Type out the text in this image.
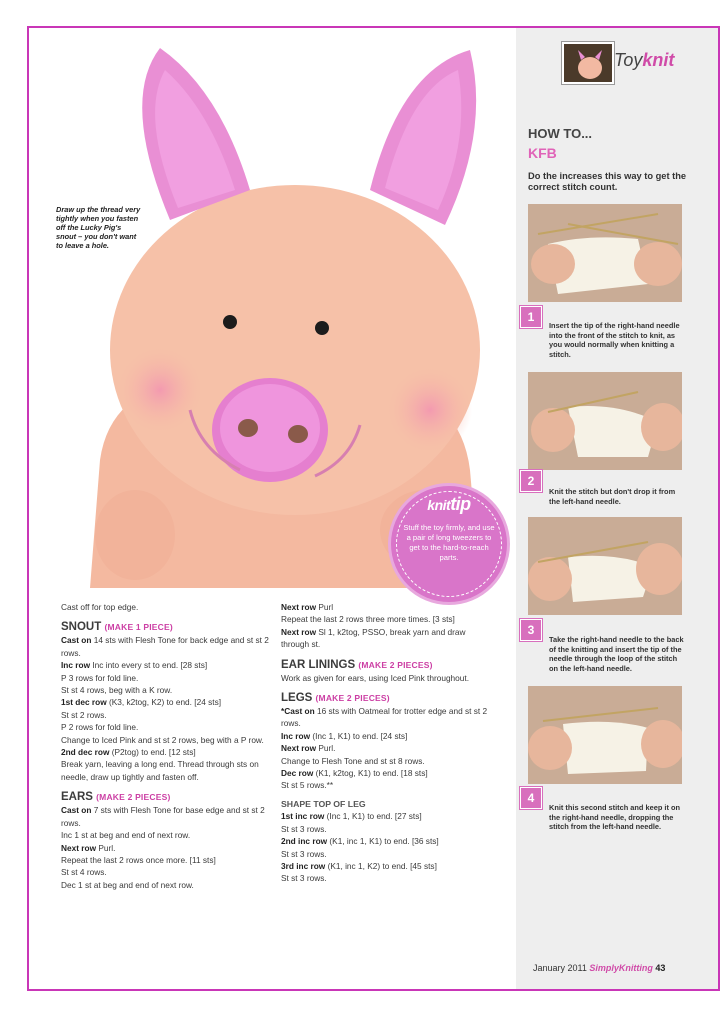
Draw up the thread very tightly when you fasten off the Lucky Pig's snout – you don't want to leave a hole.
knittip
Stuff the toy firmly, and use a pair of long tweezers to get to the hard-to-reach parts.

Cast off for top edge.

SNOUT (MAKE 1 PIECE)

Cast on 14 sts with Flesh Tone for back edge and st st 2 rows.

Inc row Inc into every st to end. [28 sts]

P 3 rows for fold line.

St st 4 rows, beg with a K row.

1st dec row (K3, k2tog, K2) to end. [24 sts]

St st 2 rows.

P 2 rows for fold line.

Change to Iced Pink and st st 2 rows, beg with a P row.

2nd dec row (P2tog) to end. [12 sts]

Break yarn, leaving a long end. Thread through sts on needle, draw up tightly and fasten off.

EARS (MAKE 2 PIECES)

Cast on 7 sts with Flesh Tone for base edge and st st 2 rows.

Inc 1 st at beg and end of next row.

Next row Purl.

Repeat the last 2 rows once more. [11 sts]

St st 4 rows.

Dec 1 st at beg and end of next row.

Next row Purl

Repeat the last 2 rows three more times. [3 sts]

Next row Sl 1, k2tog, PSSO, break yarn and draw through st.

EAR LININGS (MAKE 2 PIECES)

Work as given for ears, using Iced Pink throughout.

LEGS (MAKE 2 PIECES)

*Cast on 16 sts with Oatmeal for trotter edge and st st 2 rows.

Inc row (Inc 1, K1) to end. [24 sts]

Next row Purl.

Change to Flesh Tone and st st 8 rows.

Dec row (K1, k2tog, K1) to end. [18 sts]

St st 5 rows.**

SHAPE TOP OF LEG

1st inc row (Inc 1, K1) to end. [27 sts]

St st 3 rows.

2nd inc row (K1, inc 1, K1) to end. [36 sts]

St st 3 rows.

3rd inc row (K1, inc 1, K2) to end. [45 sts]

St st 3 rows.

Toyknit
HOW TO...
KFB
Do the increases this way to get the correct stitch count.
1
Insert the tip of the right-hand needle into the front of the stitch to knit, as you would normally when knitting a stitch.
2
Knit the stitch but don't drop it from the left-hand needle.
3
Take the right-hand needle to the back of the knitting and insert the tip of the needle through the loop of the stitch on the left-hand needle.
4
Knit this second stitch and keep it on the right-hand needle, dropping the stitch from the left-hand needle.
January 2011 SimplyKnitting 43
